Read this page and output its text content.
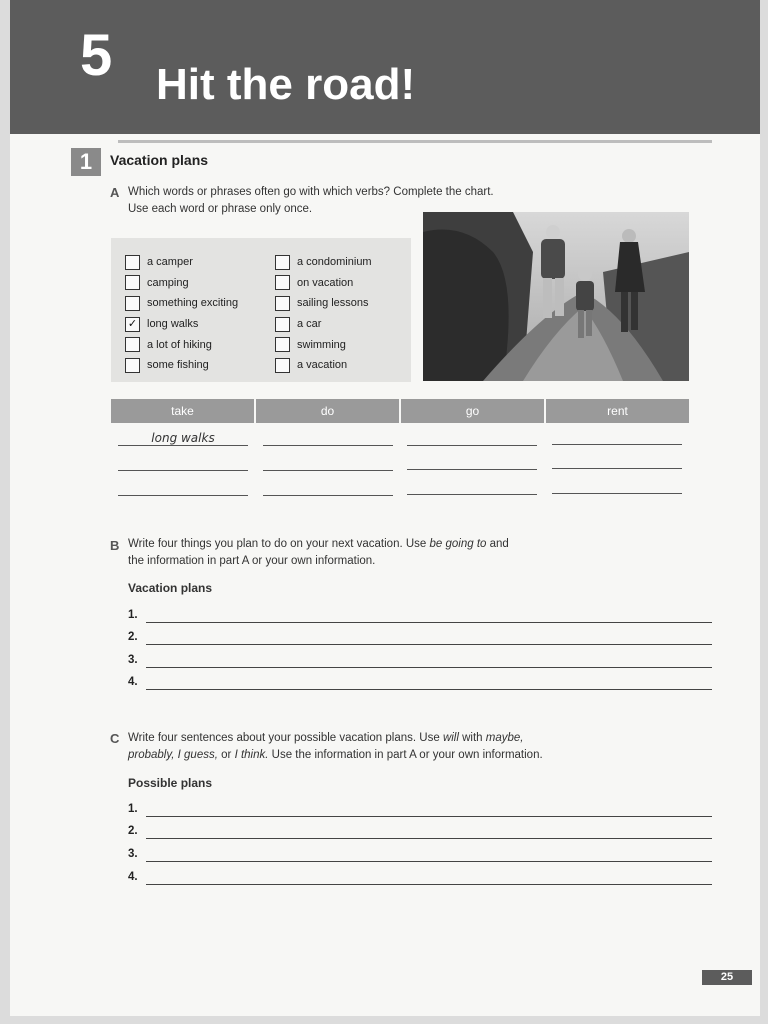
5 Hit the road!
1	Vacation plans
A Which words or phrases often go with which verbs? Complete the chart.
Use each word or phrase only once.
a camper
camping
something exciting
✓ long walks
a lot of hiking
some fishing
a condominium
on vacation
sailing lessons
a car
swimming
a vacation
take	do	go	rent
long walks
B Write four things you plan to do on your next vacation. Use be going to and
the information in part A or your own information.
Vacation plans
1.
2.
3.
4.
C Write four sentences about your possible vacation plans. Use will with maybe,
probably, I guess, or I think. Use the information in part A or your own information.
Possible plans
1.
2.
3.
4.
25
